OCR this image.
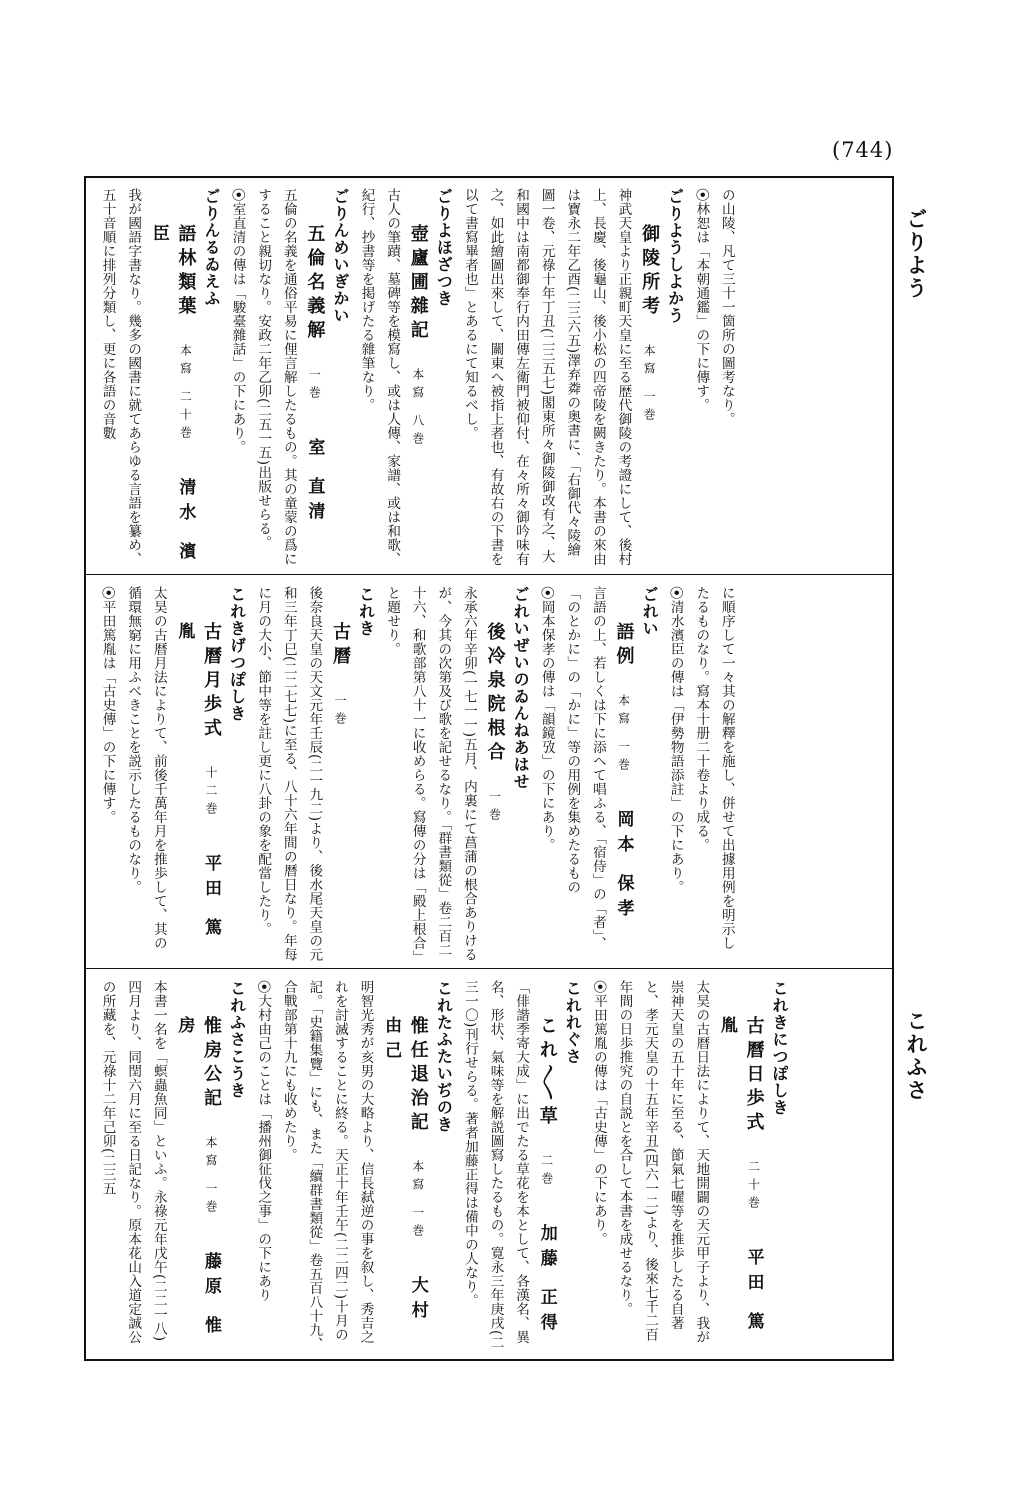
(744)
ごりよう
これふさ

の山陵、凡て三十一箇所の圖考なり。

⦿林恕は「本朝通鑑」の下に傳す。

ごりようしよかう

御陵所考本寫 一巻

神武天皇より正親町天皇に至る歴代御陵の考證にして、後村上、長慶、後龜山、後小松の四帝陵を闕きたり。本書の來由は寶永二年乙酉(二三六五)澤弃粦の奥書に、「右御代々陵繪圖一卷、元祿十年丁丑(二三五七)閣東所々御陵御改有之、大和國中は南都御奉行内田傳左衛門被仰付、在々所々御吟味有之、如此繪圖出來して、關東へ被指上者也、有故右の下書を以て書寫畢者也」とあるにて知るべし。

ごりよほざつき

壺廬圃雜記本寫 八巻

古人の筆蹟、墓碑等を模寫し、或は人傳、家譜、或は和歌、紀行、抄書等を掲げたる雜筆なり。

ごりんめいぎかい

五倫名義解一巻室 直清

五倫の名義を通俗平易に俚言解したるもの。其の童蒙の爲にすること親切なり。安政二年乙卯(二五一五)出版せらる。

⦿室直清の傳は「駿臺雜話」の下にあり。

ごりんるゐえふ

語林類葉本寫 二十巻清水 濱臣

我が國語字書なり。幾多の國書に就てあらゆる言語を纂め、五十音順に排列分類し、更に各語の音數

に順序して一々其の解釋を施し、併せて出據用例を明示したるものなり。寫本十册二十卷より成る。

⦿清水濱臣の傳は「伊勢物語添註」の下にあり。

ごれい

語例本寫 一巻岡本 保孝

言語の上、若しくは下に添へて唱ふる、「宿侍」の「者」、「のとかに」の「かに」等の用例を集めたるもの

⦿岡本保孝の傳は「韻鏡攷」の下にあり。

ごれいぜいのゐんねあはせ

後冷泉院根合一巻

永承六年辛卯(一七一一)五月、内裏にて菖蒲の根合ありけるが、今其の次第及び歌を記せるなり。「群書類從」卷二百二十六、和歌部第八十一に收めらる。寫傳の分は「殿上根合」と題せり。

これき

古曆一巻

後奈良天皇の天文元年壬辰(二一九二)より、後水尾天皇の元和三年丁巳(二二七七)に至る、八十六年間の暦日なり。年每に月の大小、節中等を註し更に八卦の象を配當したり。

これきげつぽしき

古曆月歩式十二巻平田 篤胤

太昊の古暦月法によりて、前後千萬年月を推歩して、其の循環無窮に用ふべきことを説示したるものなり。

⦿平田篤胤は「古史傳」の下に傳す。

これきにつぽしき

古曆日歩式二十巻平田 篤胤

太昊の古暦日法によりて、天地開闢の天元甲子より、我が崇神天皇の五十年に至る、節氣七曜等を推歩したる自著と、孝元天皇の十五年辛丑(四六一二)より、後來七千二百年間の日歩推究の自説とを合して本書を成せるなり。

⦿平田篤胤の傳は「古史傳」の下にあり。

これれぐさ

これ〳〵草二巻加藤 正得

「俳諧季寄大成」に出でたる草花を本として、各漢名、異名、形状、氣味等を解説圖寫したるもの。寛永三年庚戌(二三一〇)刊行せらる。著者加藤正得は備中の人なり。

これたふたいぢのき

惟任退治記本寫 一巻大村 由己

明智光秀が亥男の大略より、信長弑逆の事を叙し、秀吉之れを討滅することに終る。天正十年壬午(二二四二)十月の記。「史籍集覽」にも、また「續群書類從」卷五百八十九、合戰部第十九にも收めたり。

⦿大村由己のことは「播州御征伐之事」の下にあり

これふさこうき

惟房公記本寫 一巻藤原 惟房

本書一名を「螟蟲魚同」といふ。永祿元年戊午(二二一八)四月より、同閏六月に至る日記なり。原本花山入道定誠公の所藏を、元祿十二年己卯(二三五
